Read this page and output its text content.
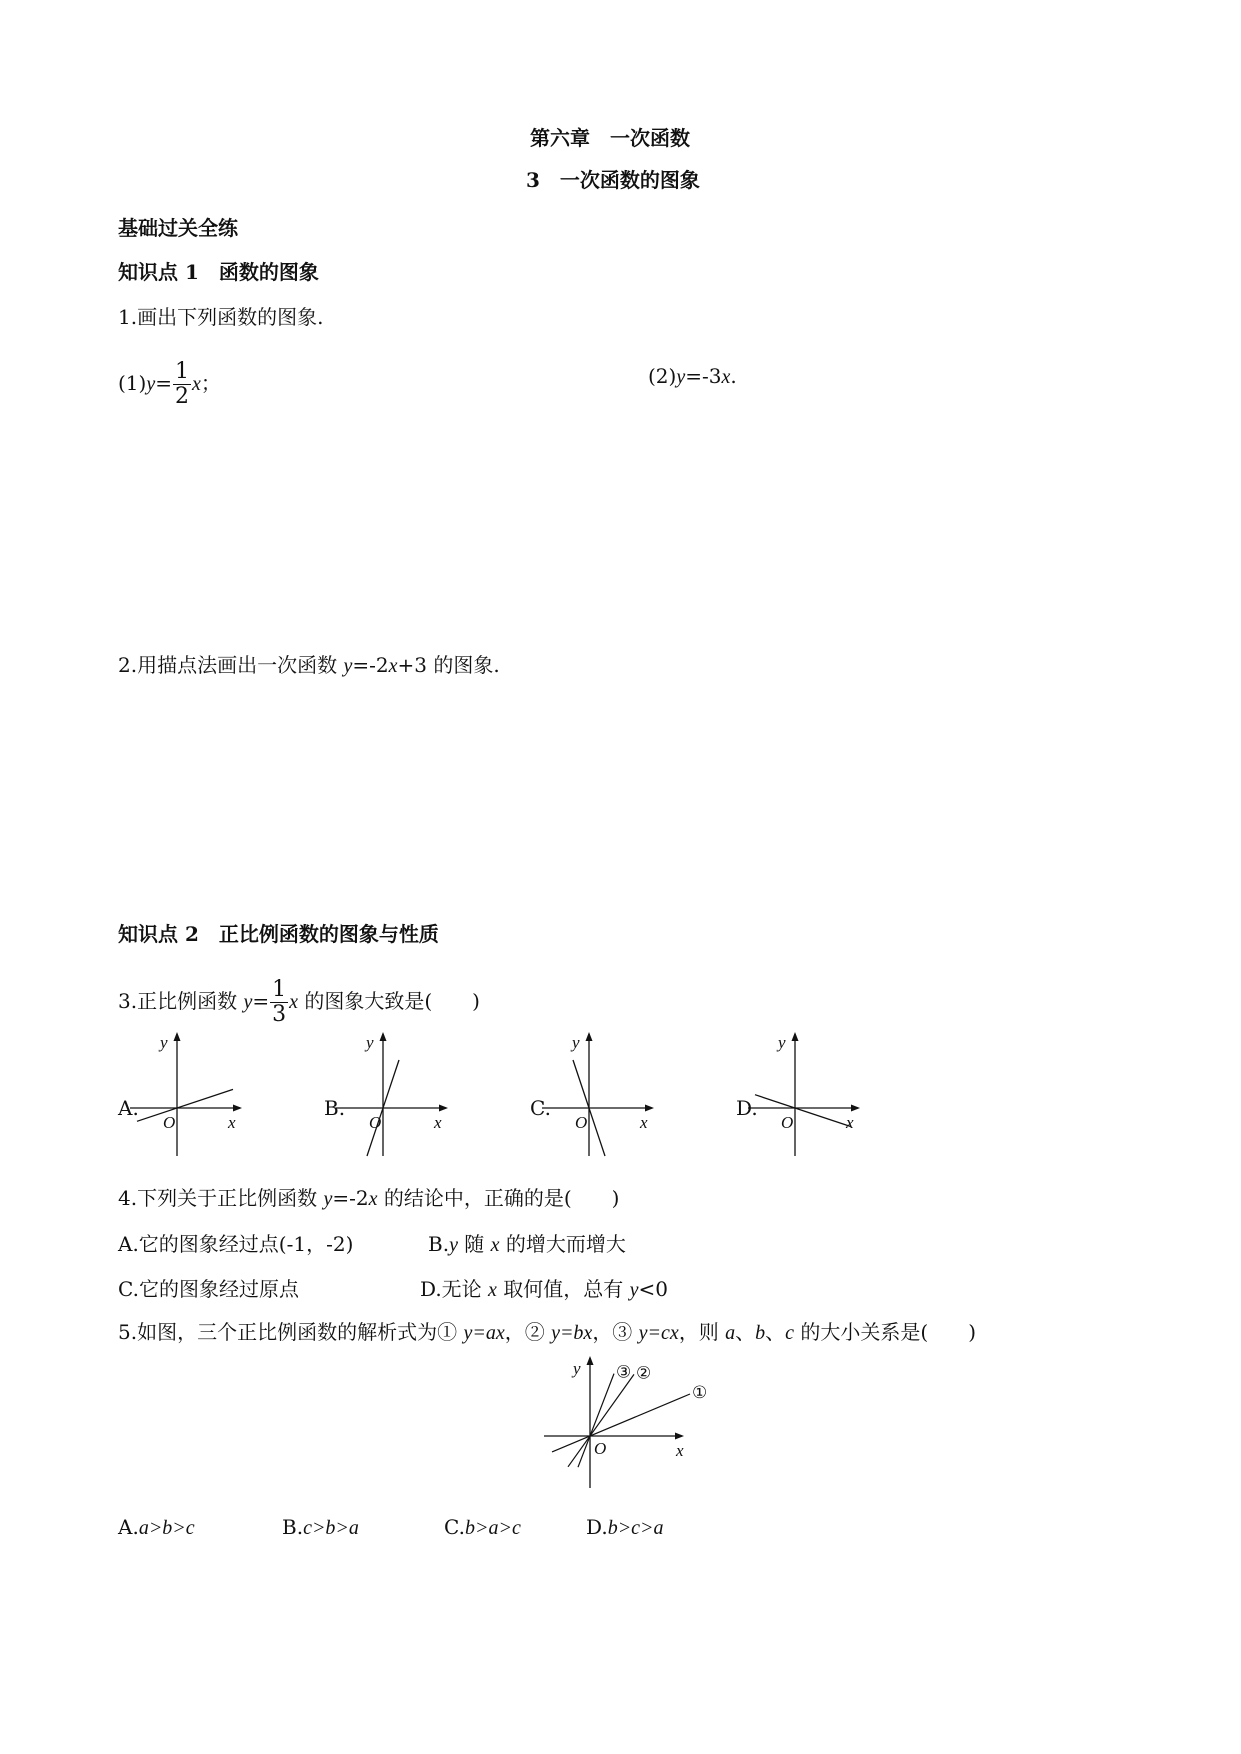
第六章　一次函数
3　一次函数的图象
基础过关全练
知识点 1　函数的图象
1.画出下列函数的图象.
$(1)y= \frac{1}{2}$ x；	(2)y=-3x.
2.用描点法画出一次函数 y=-2x+3 的图象.
知识点 2　正比例函数的图象与性质
3.正比例函数 $y= \frac{1}{3}$ x 的图象大致是(　　)
A.
x
y
O
B.
x
y
O
C.
x
y
O
D.
x
y
O
4.下列关于正比例函数 y=-2x 的结论中，正确的是(　　)
A.它的图象经过点(-1，-2)	B.y 随 x 的增大而增大
C.它的图象经过原点	D.无论 x 取何值，总有 y<0
5.如图，三个正比例函数的解析式为① y=ax，② y=bx，③ y=cx，则 a、b、c 的大小关系是(　　)
x
y
O
①
②
③
A.a>b>c	B.c>b>a	C.b>a>c	D.b>c>a
